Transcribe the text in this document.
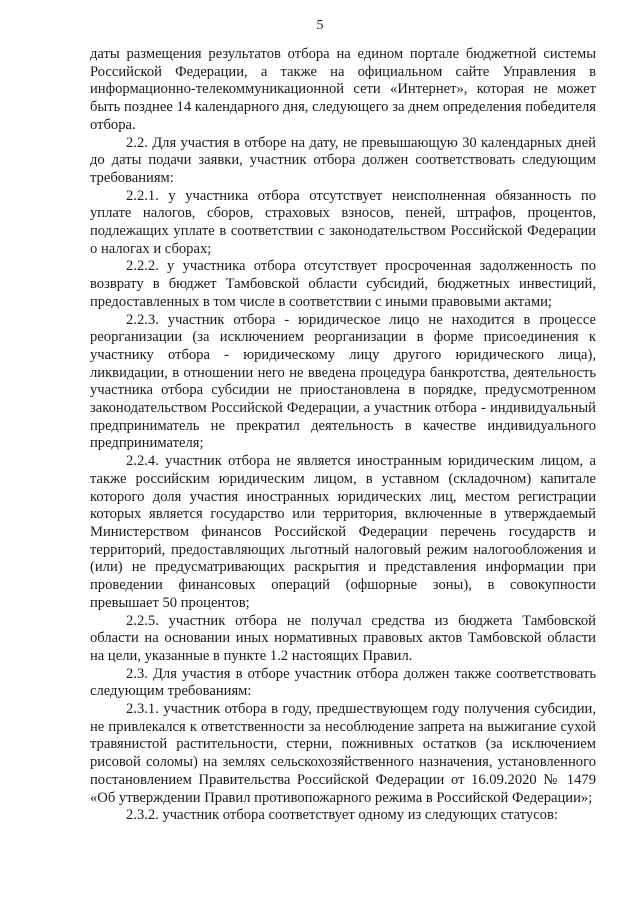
5

даты размещения результатов отбора на едином портале бюджетной системы Российской Федерации, а также на официальном сайте Управления в информационно-телекоммуникационной сети «Интернет», которая не может быть позднее 14 календарного дня, следующего за днем определения победителя отбора.

2.2. Для участия в отборе на дату, не превышающую 30 календарных дней до даты подачи заявки, участник отбора должен соответствовать следующим требованиям:

2.2.1. у участника отбора отсутствует неисполненная обязанность по уплате налогов, сборов, страховых взносов, пеней, штрафов, процентов, подлежащих уплате в соответствии с законодательством Российской Федерации о налогах и сборах;

2.2.2. у участника отбора отсутствует просроченная задолженность по возврату в бюджет Тамбовской области субсидий, бюджетных инвестиций, предоставленных в том числе в соответствии с иными правовыми актами;

2.2.3. участник отбора - юридическое лицо не находится в процессе реорганизации (за исключением реорганизации в форме присоединения к участнику отбора - юридическому лицу другого юридического лица), ликвидации, в отношении него не введена процедура банкротства, деятельность участника отбора субсидии не приостановлена в порядке, предусмотренном законодательством Российской Федерации, а участник отбора - индивидуальный предприниматель не прекратил деятельность в качестве индивидуального предпринимателя;

2.2.4. участник отбора не является иностранным юридическим лицом, а также российским юридическим лицом, в уставном (складочном) капитале которого доля участия иностранных юридических лиц, местом регистрации которых является государство или территория, включенные в утверждаемый Министерством финансов Российской Федерации перечень государств и территорий, предоставляющих льготный налоговый режим налогообложения и (или) не предусматривающих раскрытия и представления информации при проведении финансовых операций (офшорные зоны), в совокупности превышает 50 процентов;

2.2.5. участник отбора не получал средства из бюджета Тамбовской области на основании иных нормативных правовых актов Тамбовской области на цели, указанные в пункте 1.2 настоящих Правил.

2.3. Для участия в отборе участник отбора должен также соответствовать следующим требованиям:

2.3.1. участник отбора в году, предшествующем году получения субсидии, не привлекался к ответственности за несоблюдение запрета на выжигание сухой травянистой растительности, стерни, пожнивных остатков (за исключением рисовой соломы) на землях сельскохозяйственного назначения, установленного постановлением Правительства Российской Федерации от 16.09.2020 № 1479 «Об утверждении Правил противопожарного режима в Российской Федерации»;

2.3.2. участник отбора соответствует одному из следующих статусов:
